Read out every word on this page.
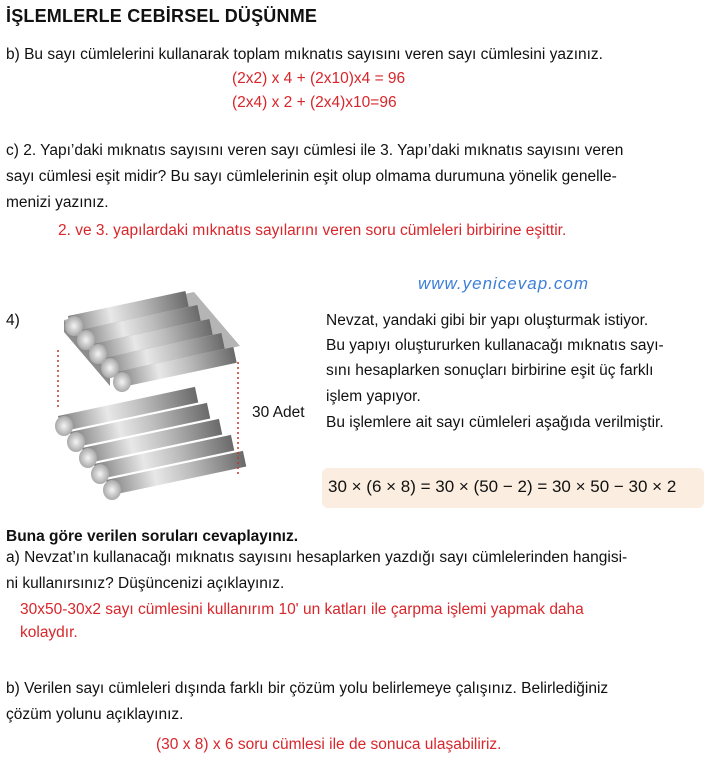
İŞLEMLERLE CEBİRSEL DÜŞÜNME
b) Bu sayı cümlelerini kullanarak toplam mıknatıs sayısını veren sayı cümlesini yazınız.
(2x2) x 4 + (2x10)x4 = 96
(2x4) x 2 + (2x4)x10=96
c) 2. Yapı’daki mıknatıs sayısını veren sayı cümlesi ile 3. Yapı’daki mıknatıs sayısını veren
sayı cümlesi eşit midir? Bu sayı cümlelerinin eşit olup olmama durumuna yönelik genelle-
menizi yazınız.
2. ve 3. yapılardaki mıknatıs sayılarını veren soru cümleleri birbirine eşittir.
www.yenicevap.com
4)
30 Adet
Nevzat, yandaki gibi bir yapı oluşturmak istiyor.
Bu yapıyı oluştururken kullanacağı mıknatıs sayı-
sını hesaplarken sonuçları birbirine eşit üç farklı
işlem yapıyor.
Bu işlemlere ait sayı cümleleri aşağıda verilmiştir.
30 × (6 × 8) = 30 × (50 − 2) = 30 × 50 − 30 × 2
Buna göre verilen soruları cevaplayınız.
a) Nevzat’ın kullanacağı mıknatıs sayısını hesaplarken yazdığı sayı cümlelerinden hangisi-
ni kullanırsınız? Düşüncenizi açıklayınız.
30x50-30x2 sayı cümlesini kullanırım 10' un katları ile çarpma işlemi yapmak daha
kolaydır.
b) Verilen sayı cümleleri dışında farklı bir çözüm yolu belirlemeye çalışınız. Belirlediğiniz
çözüm yolunu açıklayınız.
(30 x 8) x 6 soru cümlesi ile de sonuca ulaşabiliriz.
